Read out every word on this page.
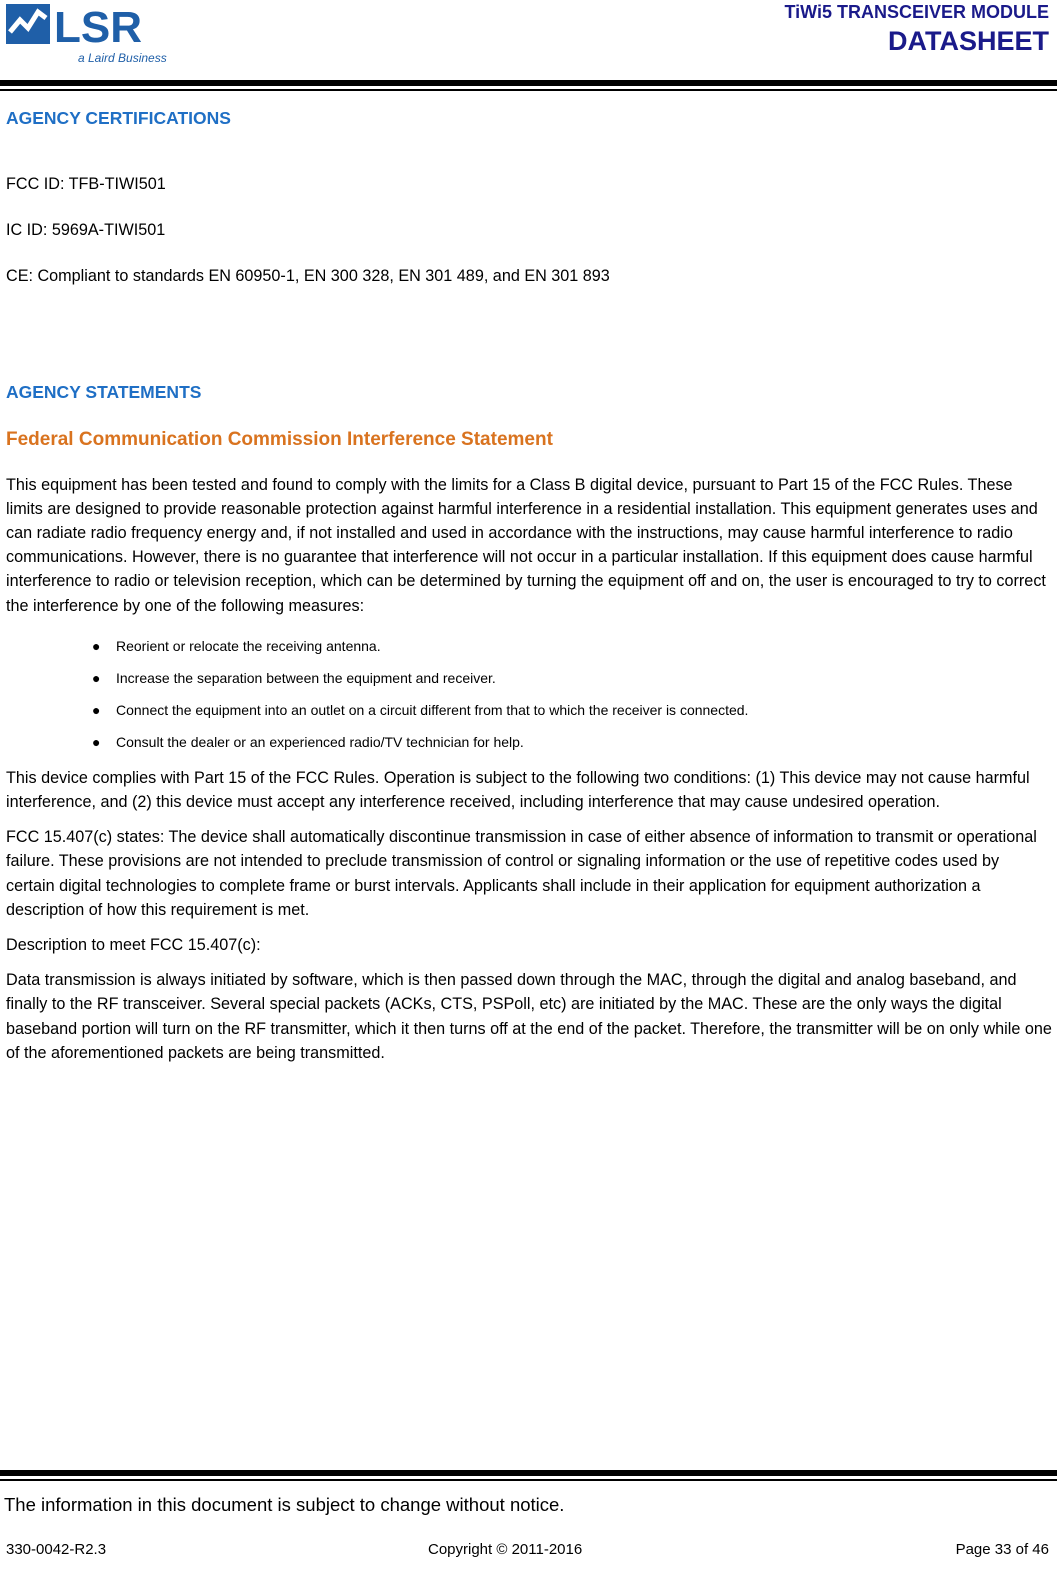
LSR
a Laird Business
TiWi5 TRANSCEIVER MODULE
DATASHEET
AGENCY CERTIFICATIONS

FCC ID: TFB-TIWI501

IC ID: 5969A-TIWI501

CE: Compliant to standards EN 60950-1, EN 300 328, EN 301 489, and EN 301 893

AGENCY STATEMENTS
Federal Communication Commission Interference Statement

This equipment has been tested and found to comply with the limits for a Class B digital device, pursuant to Part 15 of the FCC Rules. These limits are designed to provide reasonable protection against harmful interference in a residential installation. This equipment generates uses and can radiate radio frequency energy and, if not installed and used in accordance with the instructions, may cause harmful interference to radio communications. However, there is no guarantee that interference will not occur in a particular installation. If this equipment does cause harmful interference to radio or television reception, which can be determined by turning the equipment off and on, the user is encouraged to try to correct the interference by one of the following measures:

● Reorient or relocate the receiving antenna.
● Increase the separation between the equipment and receiver.
● Connect the equipment into an outlet on a circuit different from that to which the receiver is connected.
● Consult the dealer or an experienced radio/TV technician for help.

This device complies with Part 15 of the FCC Rules. Operation is subject to the following two conditions: (1) This device may not cause harmful interference, and (2) this device must accept any interference received, including interference that may cause undesired operation.

FCC 15.407(c) states: The device shall automatically discontinue transmission in case of either absence of information to transmit or operational failure. These provisions are not intended to preclude transmission of control or signaling information or the use of repetitive codes used by certain digital technologies to complete frame or burst intervals. Applicants shall include in their application for equipment authorization a description of how this requirement is met.

Description to meet FCC 15.407(c):

Data transmission is always initiated by software, which is then passed down through the MAC, through the digital and analog baseband, and finally to the RF transceiver. Several special packets (ACKs, CTS, PSPoll, etc) are initiated by the MAC. These are the only ways the digital baseband portion will turn on the RF transmitter, which it then turns off at the end of the packet. Therefore, the transmitter will be on only while one of the aforementioned packets are being transmitted.

The information in this document is subject to change without notice.
330-0042-R2.3	Copyright © 2011-2016	Page 33 of 46
